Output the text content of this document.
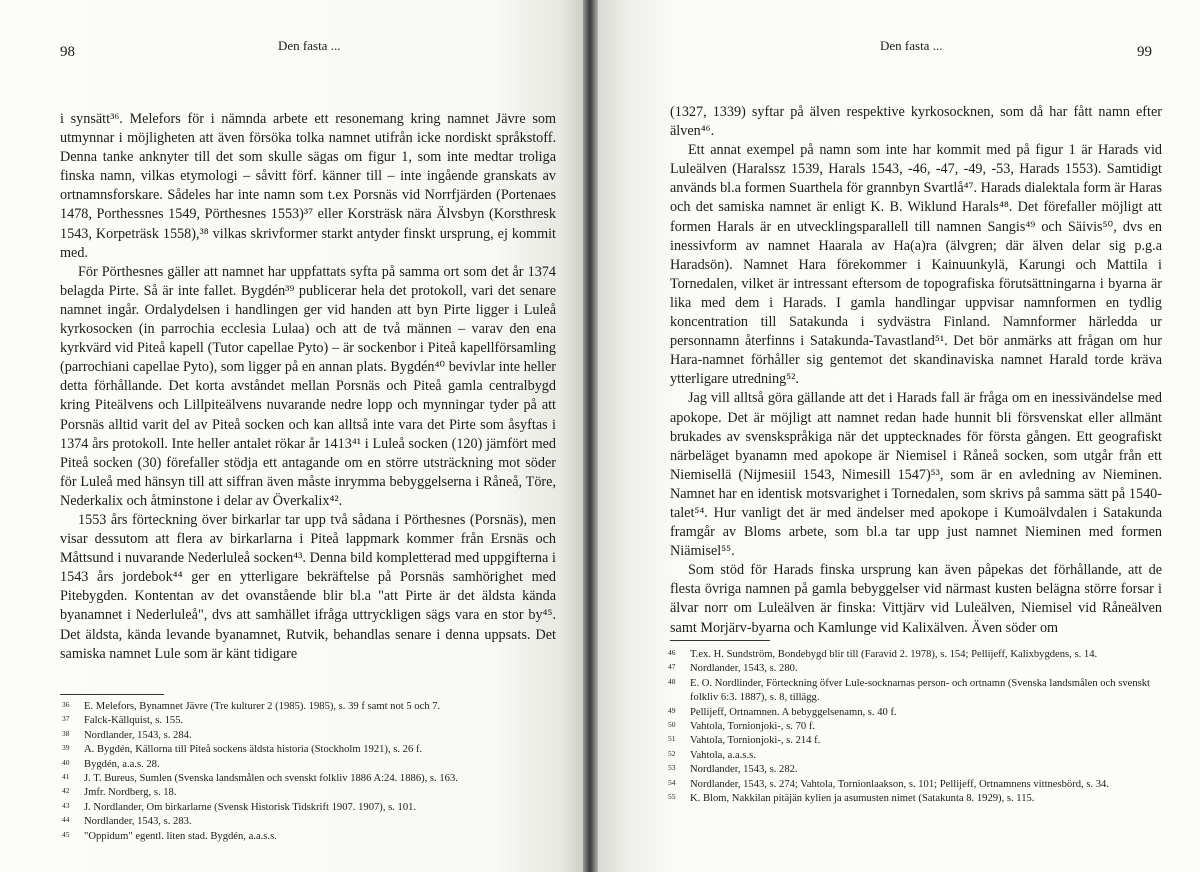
98	Den fasta ...

i synsätt³⁶. Melefors för i nämnda arbete ett resonemang kring namnet Jävre som utmynnar i möjligheten att även försöka tolka namnet utifrån icke nordiskt språkstoff. Denna tanke anknyter till det som skulle sägas om figur 1, som inte medtar troliga finska namn, vilkas etymologi – såvitt förf. känner till – inte ingående granskats av ortnamnsforskare. Sådeles har inte namn som t.ex Porsnäs vid Norrfjärden (Portenaes 1478, Porthessnes 1549, Pörthesnes 1553)³⁷ eller Korsträsk nära Älvsbyn (Korsthresk 1543, Korpeträsk 1558),³⁸ vilkas skrivformer starkt antyder finskt ursprung, ej kommit med.

För Pörthesnes gäller att namnet har uppfattats syfta på samma ort som det år 1374 belagda Pirte. Så är inte fallet. Bygdén³⁹ publicerar hela det protokoll, vari det senare namnet ingår. Ordalydelsen i handlingen ger vid handen att byn Pirte ligger i Luleå kyrkosocken (in parrochia ecclesia Lulaa) och att de två männen – varav den ena kyrkvärd vid Piteå kapell (Tutor capellae Pyto) – är sockenbor i Piteå kapellförsamling (parrochiani capellae Pyto), som ligger på en annan plats. Bygdén⁴⁰ bevivlar inte heller detta förhållande. Det korta avståndet mellan Porsnäs och Piteå gamla centralbygd kring Piteälvens och Lillpiteälvens nuvarande nedre lopp och mynningar tyder på att Porsnäs alltid varit del av Piteå socken och kan alltså inte vara det Pirte som åsyftas i 1374 års protokoll. Inte heller antalet rökar år 1413⁴¹ i Luleå socken (120) jämfört med Piteå socken (30) förefaller stödja ett antagande om en större utsträckning mot söder för Luleå med hänsyn till att siffran även måste inrymma bebyggelserna i Råneå, Töre, Nederkalix och åtminstone i delar av Överkalix⁴².

1553 års förteckning över birkarlar tar upp två sådana i Pörthesnes (Porsnäs), men visar dessutom att flera av birkarlarna i Piteå lappmark kommer från Ersnäs och Måttsund i nuvarande Nederluleå socken⁴³. Denna bild kompletterad med uppgifterna i 1543 års jordebok⁴⁴ ger en ytterligare bekräftelse på Porsnäs samhörighet med Pitebygden. Kontentan av det ovanstående blir bl.a "att Pirte är det äldsta kända byanamnet i Nederluleå", dvs att samhället ifråga uttryckligen sägs vara en stor by⁴⁵. Det äldsta, kända levande byanamnet, Rutvik, behandlas senare i denna uppsats. Det samiska namnet Lule som är känt tidigare

36	E. Melefors, Bynamnet Jävre (Tre kulturer 2 (1985). 1985), s. 39 f samt not 5 och 7.
37	Falck-Källquist, s. 155.
38	Nordlander, 1543, s. 284.
39	A. Bygdén, Källorna till Piteå sockens äldsta historia (Stockholm 1921), s. 26 f.
40	Bygdén, a.a.s. 28.
41	J. T. Bureus, Sumlen (Svenska landsmålen och svenskt folkliv 1886 A:24. 1886), s. 163.
42	Jmfr. Nordberg, s. 18.
43	J. Nordlander, Om birkarlarne (Svensk Historisk Tidskrift 1907. 1907), s. 101.
44	Nordlander, 1543, s. 283.
45	"Oppidum" egentl. liten stad. Bygdén, a.a.s.s.
99
Den fasta ...

(1327, 1339) syftar på älven respektive kyrkosocknen, som då har fått namn efter älven⁴⁶.

Ett annat exempel på namn som inte har kommit med på figur 1 är Harads vid Luleälven (Haralssz 1539, Harals 1543, -46, -47, -49, -53, Harads 1553). Samtidigt används bl.a formen Suarthela för grannbyn Svartlå⁴⁷. Harads dialektala form är Haras och det samiska namnet är enligt K. B. Wiklund Harals⁴⁸. Det förefaller möjligt att formen Harals är en utvecklingsparallell till namnen Sangis⁴⁹ och Säivis⁵⁰, dvs en inessivform av namnet Haarala av Ha(a)ra (älvgren; där älven delar sig p.g.a Haradsön). Namnet Hara förekommer i Kainuunkylä, Karungi och Mattila i Tornedalen, vilket är intressant eftersom de topografiska förutsättningarna i byarna är lika med dem i Harads. I gamla handlingar uppvisar namnformen en tydlig koncentration till Satakunda i sydvästra Finland. Namnformer härledda ur personnamn återfinns i Satakunda-Tavastland⁵¹. Det bör anmärks att frågan om hur Hara-namnet förhåller sig gentemot det skandinaviska namnet Harald torde kräva ytterligare utredning⁵².

Jag vill alltså göra gällande att det i Harads fall är fråga om en inessivändelse med apokope. Det är möjligt att namnet redan hade hunnit bli försvenskat eller allmänt brukades av svenskspråkiga när det upptecknades för första gången. Ett geografiskt närbeläget byanamn med apokope är Niemisel i Råneå socken, som utgår från ett Niemisellä (Nijmesiil 1543, Nimesill 1547)⁵³, som är en avledning av Nieminen. Namnet har en identisk motsvarighet i Tornedalen, som skrivs på samma sätt på 1540-talet⁵⁴. Hur vanligt det är med ändelser med apokope i Kumoälvdalen i Satakunda framgår av Bloms arbete, som bl.a tar upp just namnet Nieminen med formen Niämisel⁵⁵.

Som stöd för Harads finska ursprung kan även påpekas det förhållande, att de flesta övriga namnen på gamla bebyggelser vid närmast kusten belägna större forsar i älvar norr om Luleälven är finska: Vittjärv vid Luleälven, Niemisel vid Råneälven samt Morjärv-byarna och Kamlunge vid Kalixälven. Även söder om

46	T.ex. H. Sundström, Bondebygd blir till (Faravid 2. 1978), s. 154; Pellijeff, Kalixbygdens, s. 14.
47	Nordlander, 1543, s. 280.
48	E. O. Nordlinder, Förteckning öfver Lule-socknarnas person- och ortnamn (Svenska landsmålen och svenskt folkliv 6:3. 1887), s. 8, tillägg.
49	Pellijeff, Ortnamnen. A bebyggelsenamn, s. 40 f.
50	Vahtola, Tornionjoki-, s. 70 f.
51	Vahtola, Tornionjoki-, s. 214 f.
52	Vahtola, a.a.s.s.
53	Nordlander, 1543, s. 282.
54	Nordlander, 1543, s. 274; Vahtola, Tornionlaakson, s. 101; Pellijeff, Ortnamnens vittnesbörd, s. 34.
55	K. Blom, Nakkilan pitäjän kylien ja asumusten nimet (Satakunta 8. 1929), s. 115.
